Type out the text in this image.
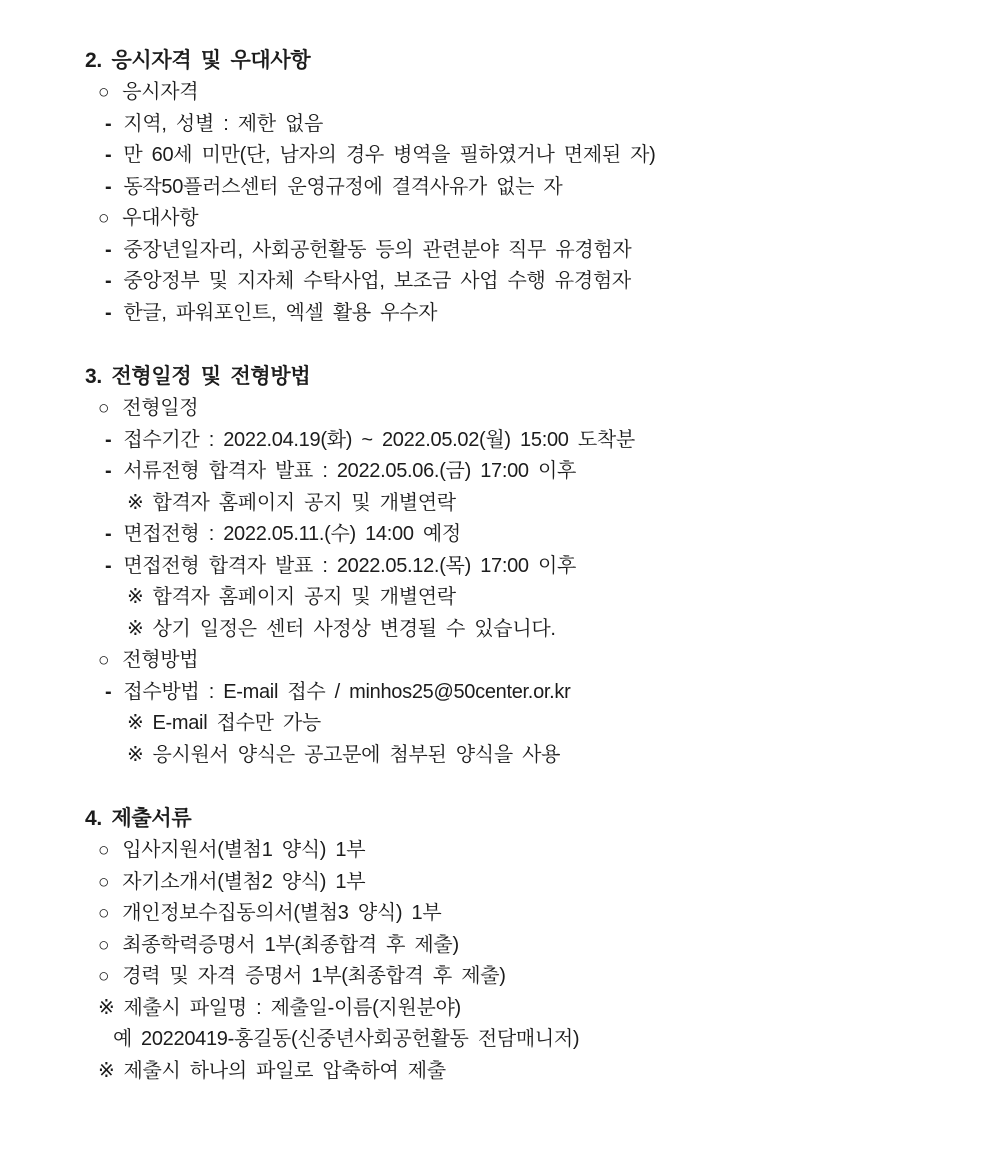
2. 응시자격 및 우대사항
○ 응시자격
- 지역, 성별 : 제한 없음
- 만 60세 미만(단, 남자의 경우 병역을 필하였거나 면제된 자)
- 동작50플러스센터 운영규정에 결격사유가 없는 자
○ 우대사항
- 중장년일자리, 사회공헌활동 등의 관련분야 직무 유경험자
- 중앙정부 및 지자체 수탁사업, 보조금 사업 수행 유경험자
- 한글, 파워포인트, 엑셀 활용 우수자
3. 전형일정 및 전형방법
○ 전형일정
- 접수기간 : 2022.04.19(화) ~ 2022.05.02(월) 15:00 도착분
- 서류전형 합격자 발표 : 2022.05.06.(금) 17:00 이후
※ 합격자 홈페이지 공지 및 개별연락
- 면접전형 : 2022.05.11.(수) 14:00 예정
- 면접전형 합격자 발표 : 2022.05.12.(목) 17:00 이후
※ 합격자 홈페이지 공지 및 개별연락
※ 상기 일정은 센터 사정상 변경될 수 있습니다.
○ 전형방법
- 접수방법 : E-mail 접수 / minhos25@50center.or.kr
※ E-mail 접수만 가능
※ 응시원서 양식은 공고문에 첨부된 양식을 사용
4. 제출서류
○ 입사지원서(별첨1 양식) 1부
○ 자기소개서(별첨2 양식) 1부
○ 개인정보수집동의서(별첨3 양식) 1부
○ 최종학력증명서 1부(최종합격 후 제출)
○ 경력 및 자격 증명서 1부(최종합격 후 제출)
※ 제출시 파일명 : 제출일-이름(지원분야)
예 20220419-홍길동(신중년사회공헌활동 전담매니저)
※ 제출시 하나의 파일로 압축하여 제출
